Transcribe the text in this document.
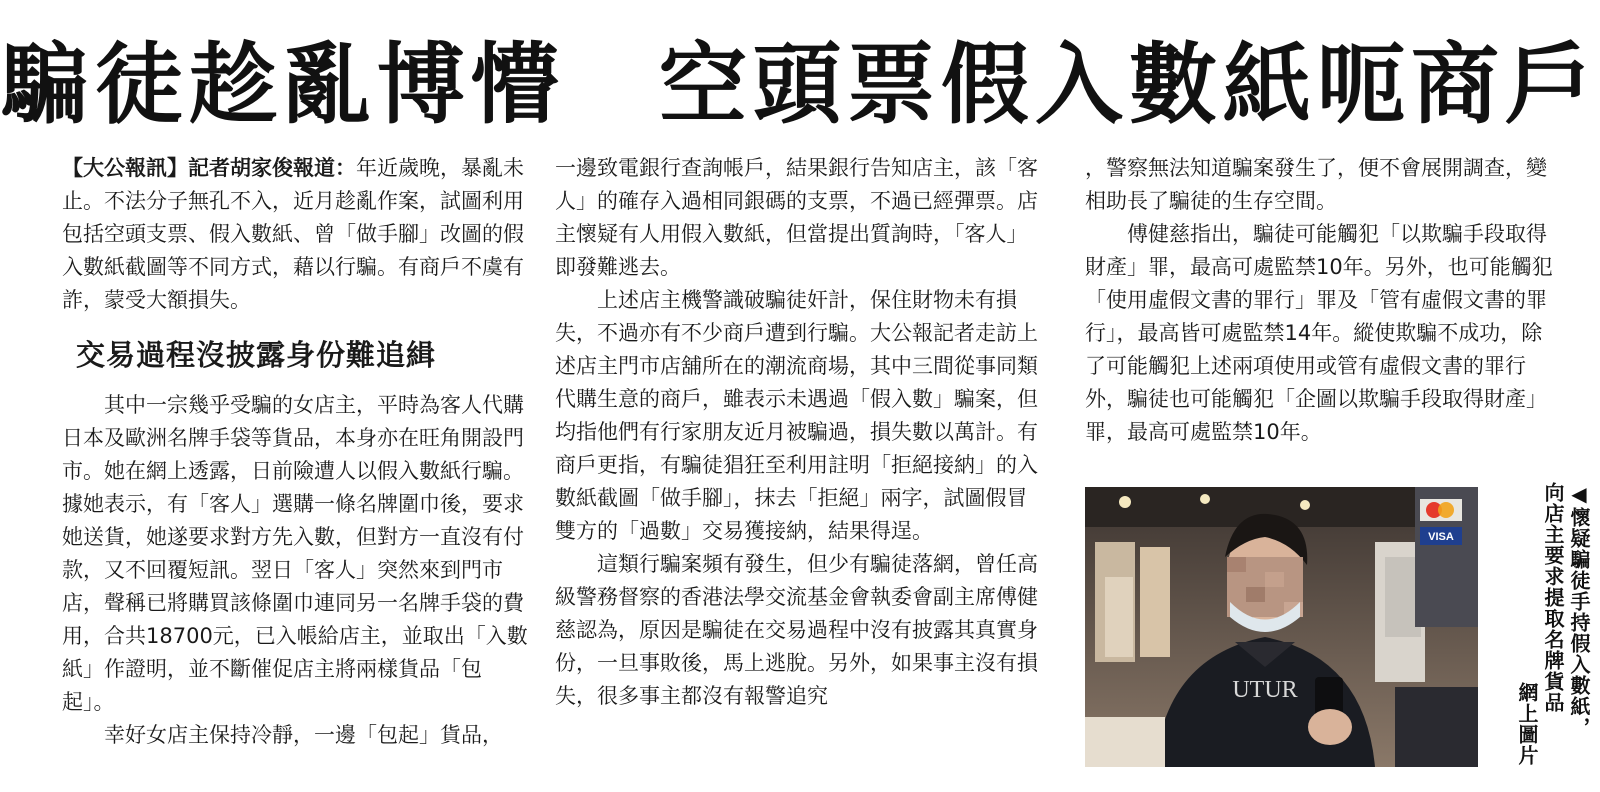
騙徒趁亂博懵　空頭票假入數紙呃商戶

【大公報訊】記者胡家俊報道：年近歲晚，暴亂未止。不法分子無孔不入，近月趁亂作案，試圖利用包括空頭支票、假入數紙、曾「做手腳」改圖的假入數紙截圖等不同方式，藉以行騙。有商戶不虞有詐，蒙受大額損失。

交易過程沒披露身份難追緝

其中一宗幾乎受騙的女店主，平時為客人代購日本及歐洲名牌手袋等貨品，本身亦在旺角開設門市。她在網上透露，日前險遭人以假入數紙行騙。據她表示，有「客人」選購一條名牌圍巾後，要求她送貨，她遂要求對方先入數，但對方一直沒有付款，又不回覆短訊。翌日「客人」突然來到門市店，聲稱已將購買該條圍巾連同另一名牌手袋的費用，合共18700元，已入帳給店主，並取出「入數紙」作證明，並不斷催促店主將兩樣貨品「包起」。

幸好女店主保持冷靜，一邊「包起」貨品，

一邊致電銀行查詢帳戶，結果銀行告知店主，該「客人」的確存入過相同銀碼的支票，不過已經彈票。店主懷疑有人用假入數紙，但當提出質詢時，「客人」即發難逃去。

上述店主機警識破騙徒奸計，保住財物未有損失，不過亦有不少商戶遭到行騙。大公報記者走訪上述店主門市店舖所在的潮流商場，其中三間從事同類代購生意的商戶，雖表示未遇過「假入數」騙案，但均指他們有行家朋友近月被騙過，損失數以萬計。有商戶更指，有騙徒猖狂至利用註明「拒絕接納」的入數紙截圖「做手腳」，抹去「拒絕」兩字，試圖假冒雙方的「過數」交易獲接納，結果得逞。

這類行騙案頻有發生，但少有騙徒落網，曾任高級警務督察的香港法學交流基金會執委會副主席傅健慈認為，原因是騙徒在交易過程中沒有披露其真實身份，一旦事敗後，馬上逃脫。另外，如果事主沒有損失，很多事主都沒有報警追究

，警察無法知道騙案發生了，便不會展開調查，變相助長了騙徒的生存空間。

傅健慈指出，騙徒可能觸犯「以欺騙手段取得財產」罪，最高可處監禁10年。另外，也可能觸犯「使用虛假文書的罪行」罪及「管有虛假文書的罪行」，最高皆可處監禁14年。縱使欺騙不成功，除了可能觸犯上述兩項使用或管有虛假文書的罪行外，騙徒也可能觸犯「企圖以欺騙手段取得財產」罪，最高可處監禁10年。

VISA
UTUR	◀懷疑騙徒手持假入數紙，
向店主要求提取名牌貨品
網上圖片
